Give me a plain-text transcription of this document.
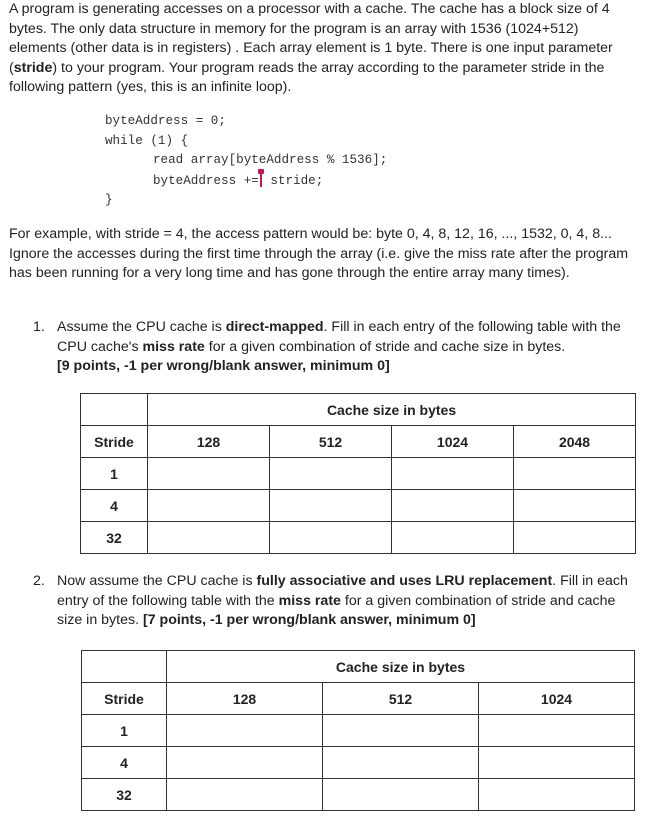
A program is generating accesses on a processor with a cache. The cache has a block size of 4 bytes. The only data structure in memory for the program is an array with 1536 (1024+512) elements (other data is in registers) . Each array element is 1 byte. There is one input parameter (stride) to your program. Your program reads the array according to the parameter stride in the following pattern (yes, this is an infinite loop).

byteAddress = 0;
while (1) {
read array[byteAddress % 1536];
byteAddress += stride;
}

For example, with stride = 4, the access pattern would be: byte 0, 4, 8, 12, 16, ..., 1532, 0, 4, 8... Ignore the accesses during the first time through the array (i.e. give the miss rate after the program has been running for a very long time and has gone through the entire array many times).

1. Assume the CPU cache is direct-mapped. Fill in each entry of the following table with the CPU cache's miss rate for a given combination of stride and cache size in bytes.
[9 points, -1 per wrong/blank answer, minimum 0]

	Cache size in bytes			
Stride	128	512	1024	2048
1				
4				
32				
2. Now assume the CPU cache is fully associative and uses LRU replacement. Fill in each entry of the following table with the miss rate for a given combination of stride and cache size in bytes. [7 points, -1 per wrong/blank answer, minimum 0]

	Cache size in bytes		
Stride	128	512	1024
1			
4			
32			
